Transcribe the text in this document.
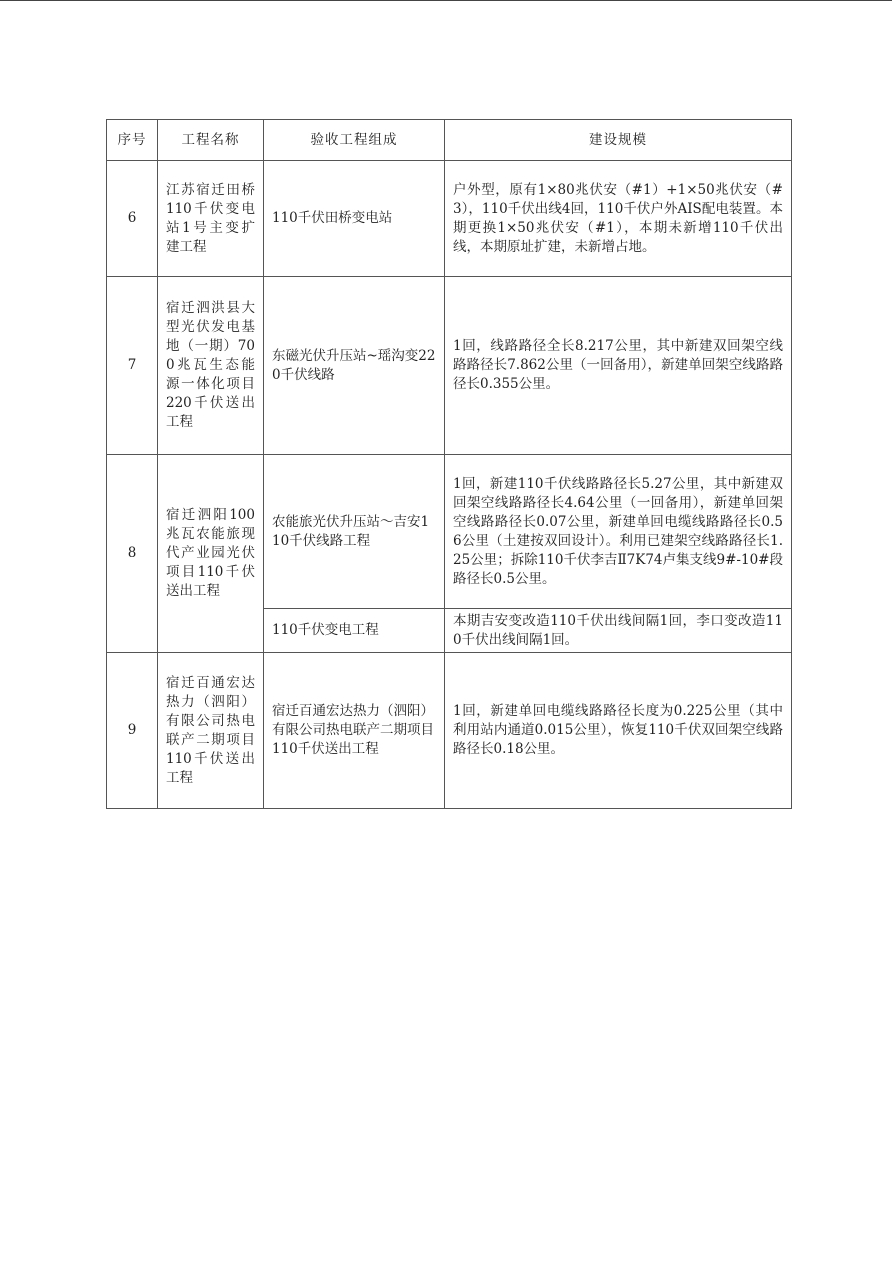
序号	工程名称	验收工程组成	建设规模
6	江苏宿迁田桥110千伏变电站1号主变扩建工程	110千伏田桥变电站	户外型，原有1×80兆伏安（#1）+1×50兆伏安（#3），110千伏出线4回，110千伏户外AIS配电装置。本期更换1×50兆伏安（#1），本期未新增110千伏出线，本期原址扩建，未新增占地。
7	宿迁泗洪县大型光伏发电基地（一期）700兆瓦生态能源一体化项目220千伏送出工程	东磁光伏升压站~瑶沟变220千伏线路	1回，线路路径全长8.217公里，其中新建双回架空线路路径长7.862公里（一回备用），新建单回架空线路路径长0.355公里。
8	宿迁泗阳100兆瓦农能旅现代产业园光伏项目110千伏送出工程	农能旅光伏升压站～吉安110千伏线路工程	1回，新建110千伏线路路径长5.27公里，其中新建双回架空线路路径长4.64公里（一回备用），新建单回架空线路路径长0.07公里，新建单回电缆线路路径长0.56公里（土建按双回设计）。利用已建架空线路路径长1.25公里；拆除110千伏李吉Ⅱ7K74卢集支线9#-10#段路径长0.5公里。
		110千伏变电工程	本期吉安变改造110千伏出线间隔1回，李口变改造110千伏出线间隔1回。
9	宿迁百通宏达热力（泗阳）有限公司热电联产二期项目110千伏送出工程	宿迁百通宏达热力（泗阳）有限公司热电联产二期项目110千伏送出工程	1回，新建单回电缆线路路径长度为0.225公里（其中利用站内通道0.015公里），恢复110千伏双回架空线路路径长0.18公里。
